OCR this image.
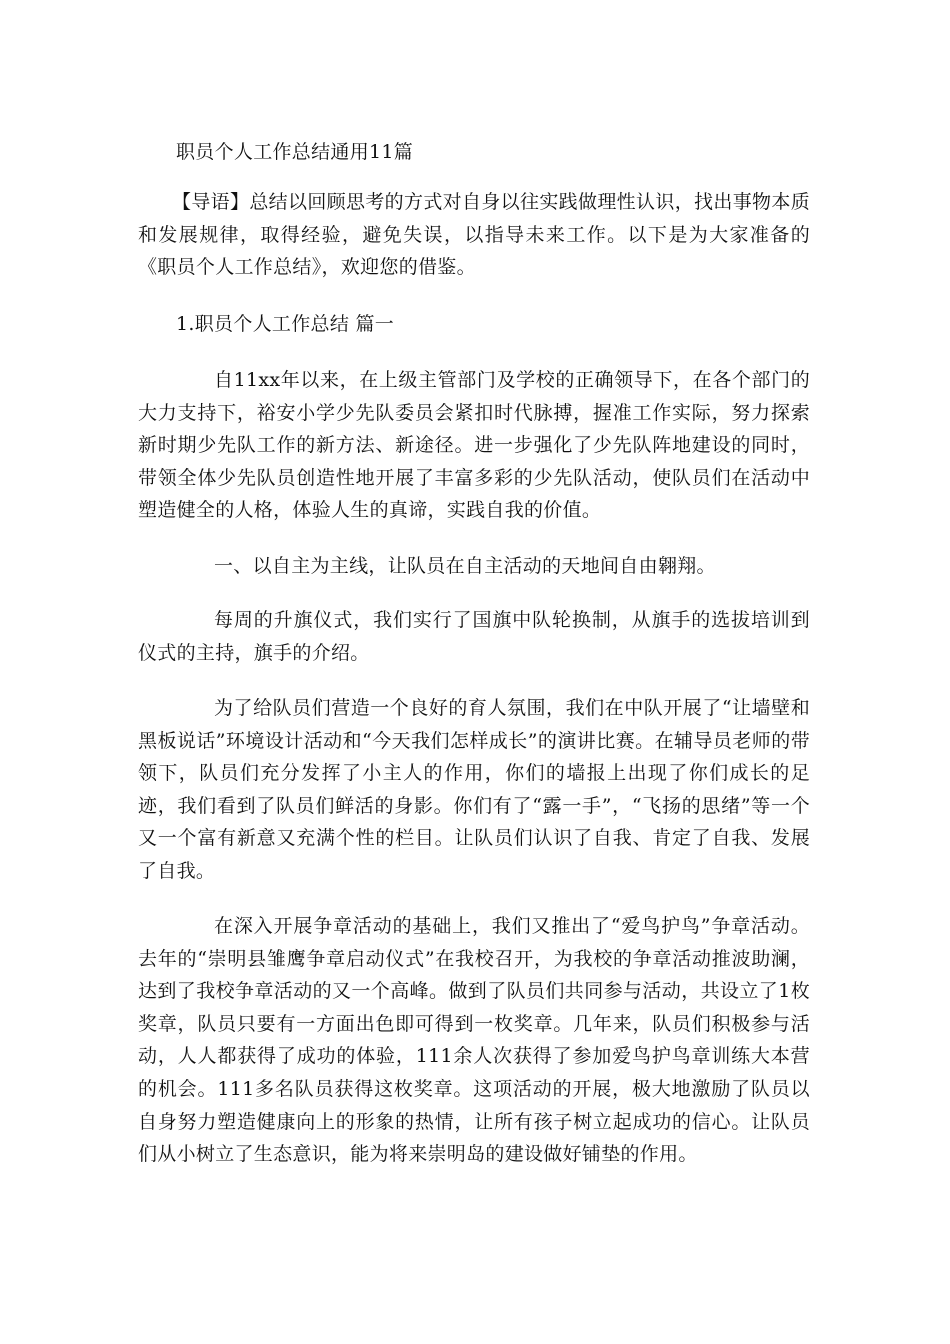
职员个人工作总结通用11篇

【导语】总结以回顾思考的方式对自身以往实践做理性认识，找出事物本质和发展规律，取得经验，避免失误，以指导未来工作。以下是为大家准备的《职员个人工作总结》，欢迎您的借鉴。

1.职员个人工作总结 篇一

自11xx年以来，在上级主管部门及学校的正确领导下，在各个部门的大力支持下，裕安小学少先队委员会紧扣时代脉搏，握准工作实际，努力探索新时期少先队工作的新方法、新途径。进一步强化了少先队阵地建设的同时，带领全体少先队员创造性地开展了丰富多彩的少先队活动，使队员们在活动中塑造健全的人格，体验人生的真谛，实践自我的价值。

一、以自主为主线，让队员在自主活动的天地间自由翱翔。

每周的升旗仪式，我们实行了国旗中队轮换制，从旗手的选拔培训到仪式的主持，旗手的介绍。

为了给队员们营造一个良好的育人氛围，我们在中队开展了“让墙壁和黑板说话”环境设计活动和“今天我们怎样成长”的演讲比赛。在辅导员老师的带领下，队员们充分发挥了小主人的作用，你们的墙报上出现了你们成长的足迹，我们看到了队员们鲜活的身影。你们有了“露一手”，“飞扬的思绪”等一个又一个富有新意又充满个性的栏目。让队员们认识了自我、肯定了自我、发展了自我。

在深入开展争章活动的基础上，我们又推出了“爱鸟护鸟”争章活动。去年的“崇明县雏鹰争章启动仪式”在我校召开，为我校的争章活动推波助澜，达到了我校争章活动的又一个高峰。做到了队员们共同参与活动，共设立了1枚奖章，队员只要有一方面出色即可得到一枚奖章。几年来，队员们积极参与活动，人人都获得了成功的体验，111余人次获得了参加爱鸟护鸟章训练大本营的机会。111多名队员获得这枚奖章。这项活动的开展，极大地激励了队员以自身努力塑造健康向上的形象的热情，让所有孩子树立起成功的信心。让队员们从小树立了生态意识，能为将来崇明岛的建设做好铺垫的作用。
